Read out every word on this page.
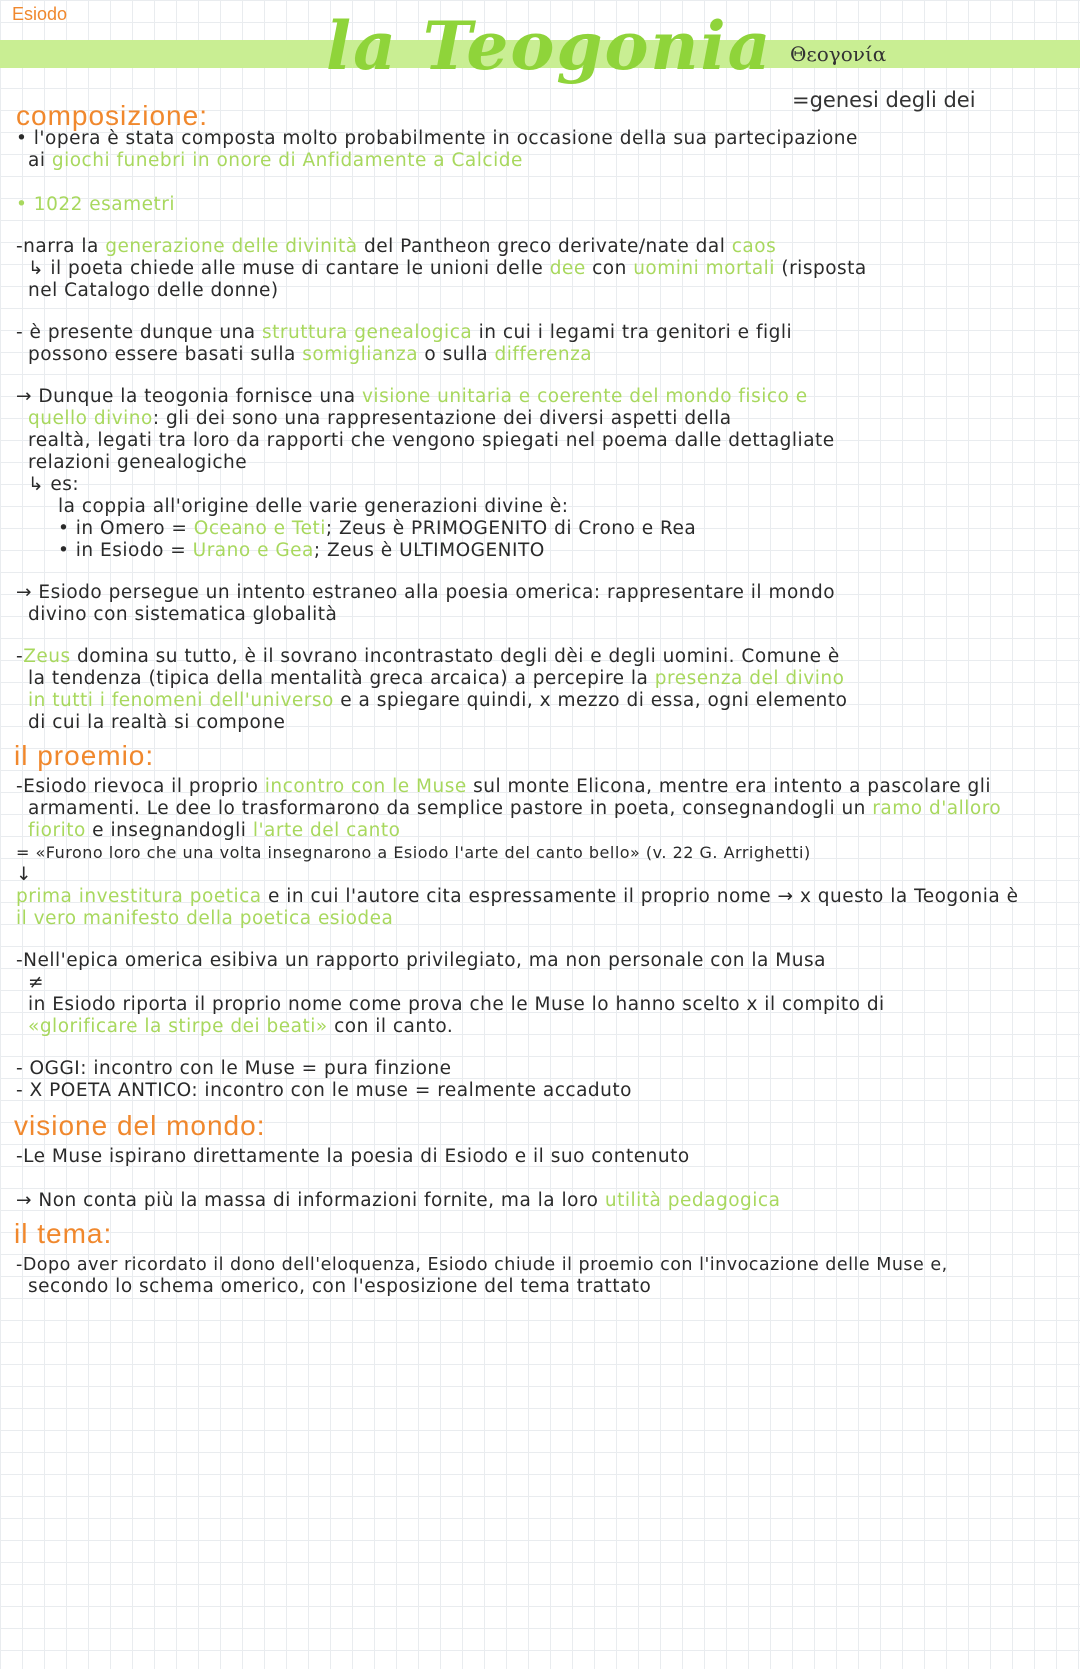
Esiodo	la Teogonia Θεογονία
=genesi degli dei
composizione:
• l'opera è stata composta molto probabilmente in occasione della sua partecipazione
ai giochi funebri in onore di Anfidamente a Calcide
• 1022 esametri
-narra la generazione delle divinità del Pantheon greco derivate/nate dal caos
↳ il poeta chiede alle muse di cantare le unioni delle dee con uomini mortali (risposta
nel Catalogo delle donne)
- è presente dunque una struttura genealogica in cui i legami tra genitori e figli
possono essere basati sulla somiglianza o sulla differenza
→ Dunque la teogonia fornisce una visione unitaria e coerente del mondo fisico e
quello divino: gli dei sono una rappresentazione dei diversi aspetti della
realtà, legati tra loro da rapporti che vengono spiegati nel poema dalle dettagliate
relazioni genealogiche
↳ es:
la coppia all'origine delle varie generazioni divine è:
• in Omero = Oceano e Teti; Zeus è PRIMOGENITO di Crono e Rea
• in Esiodo = Urano e Gea; Zeus è ULTIMOGENITO
→ Esiodo persegue un intento estraneo alla poesia omerica: rappresentare il mondo
divino con sistematica globalità
-Zeus domina su tutto, è il sovrano incontrastato degli dèi e degli uomini. Comune è
la tendenza (tipica della mentalità greca arcaica) a percepire la presenza del divino
in tutti i fenomeni dell'universo e a spiegare quindi, x mezzo di essa, ogni elemento
di cui la realtà si compone
il proemio:
-Esiodo rievoca il proprio incontro con le Muse sul monte Elicona, mentre era intento a pascolare gli
armamenti. Le dee lo trasformarono da semplice pastore in poeta, consegnandogli un ramo d'alloro
fiorito e insegnandogli l'arte del canto
= «Furono loro che una volta insegnarono a Esiodo l'arte del canto bello» (v. 22 G. Arrighetti)
↓
prima investitura poetica e in cui l'autore cita espressamente il proprio nome → x questo la Teogonia è
il vero manifesto della poetica esiodea
-Nell'epica omerica esibiva un rapporto privilegiato, ma non personale con la Musa
≠
in Esiodo riporta il proprio nome come prova che le Muse lo hanno scelto x il compito di
«glorificare la stirpe dei beati» con il canto.
- OGGI: incontro con le Muse = pura finzione
- X POETA ANTICO: incontro con le muse = realmente accaduto
visione del mondo:
-Le Muse ispirano direttamente la poesia di Esiodo e il suo contenuto
→ Non conta più la massa di informazioni fornite, ma la loro utilità pedagogica
il tema:
-Dopo aver ricordato il dono dell'eloquenza, Esiodo chiude il proemio con l'invocazione delle Muse e,
secondo lo schema omerico, con l'esposizione del tema trattato
